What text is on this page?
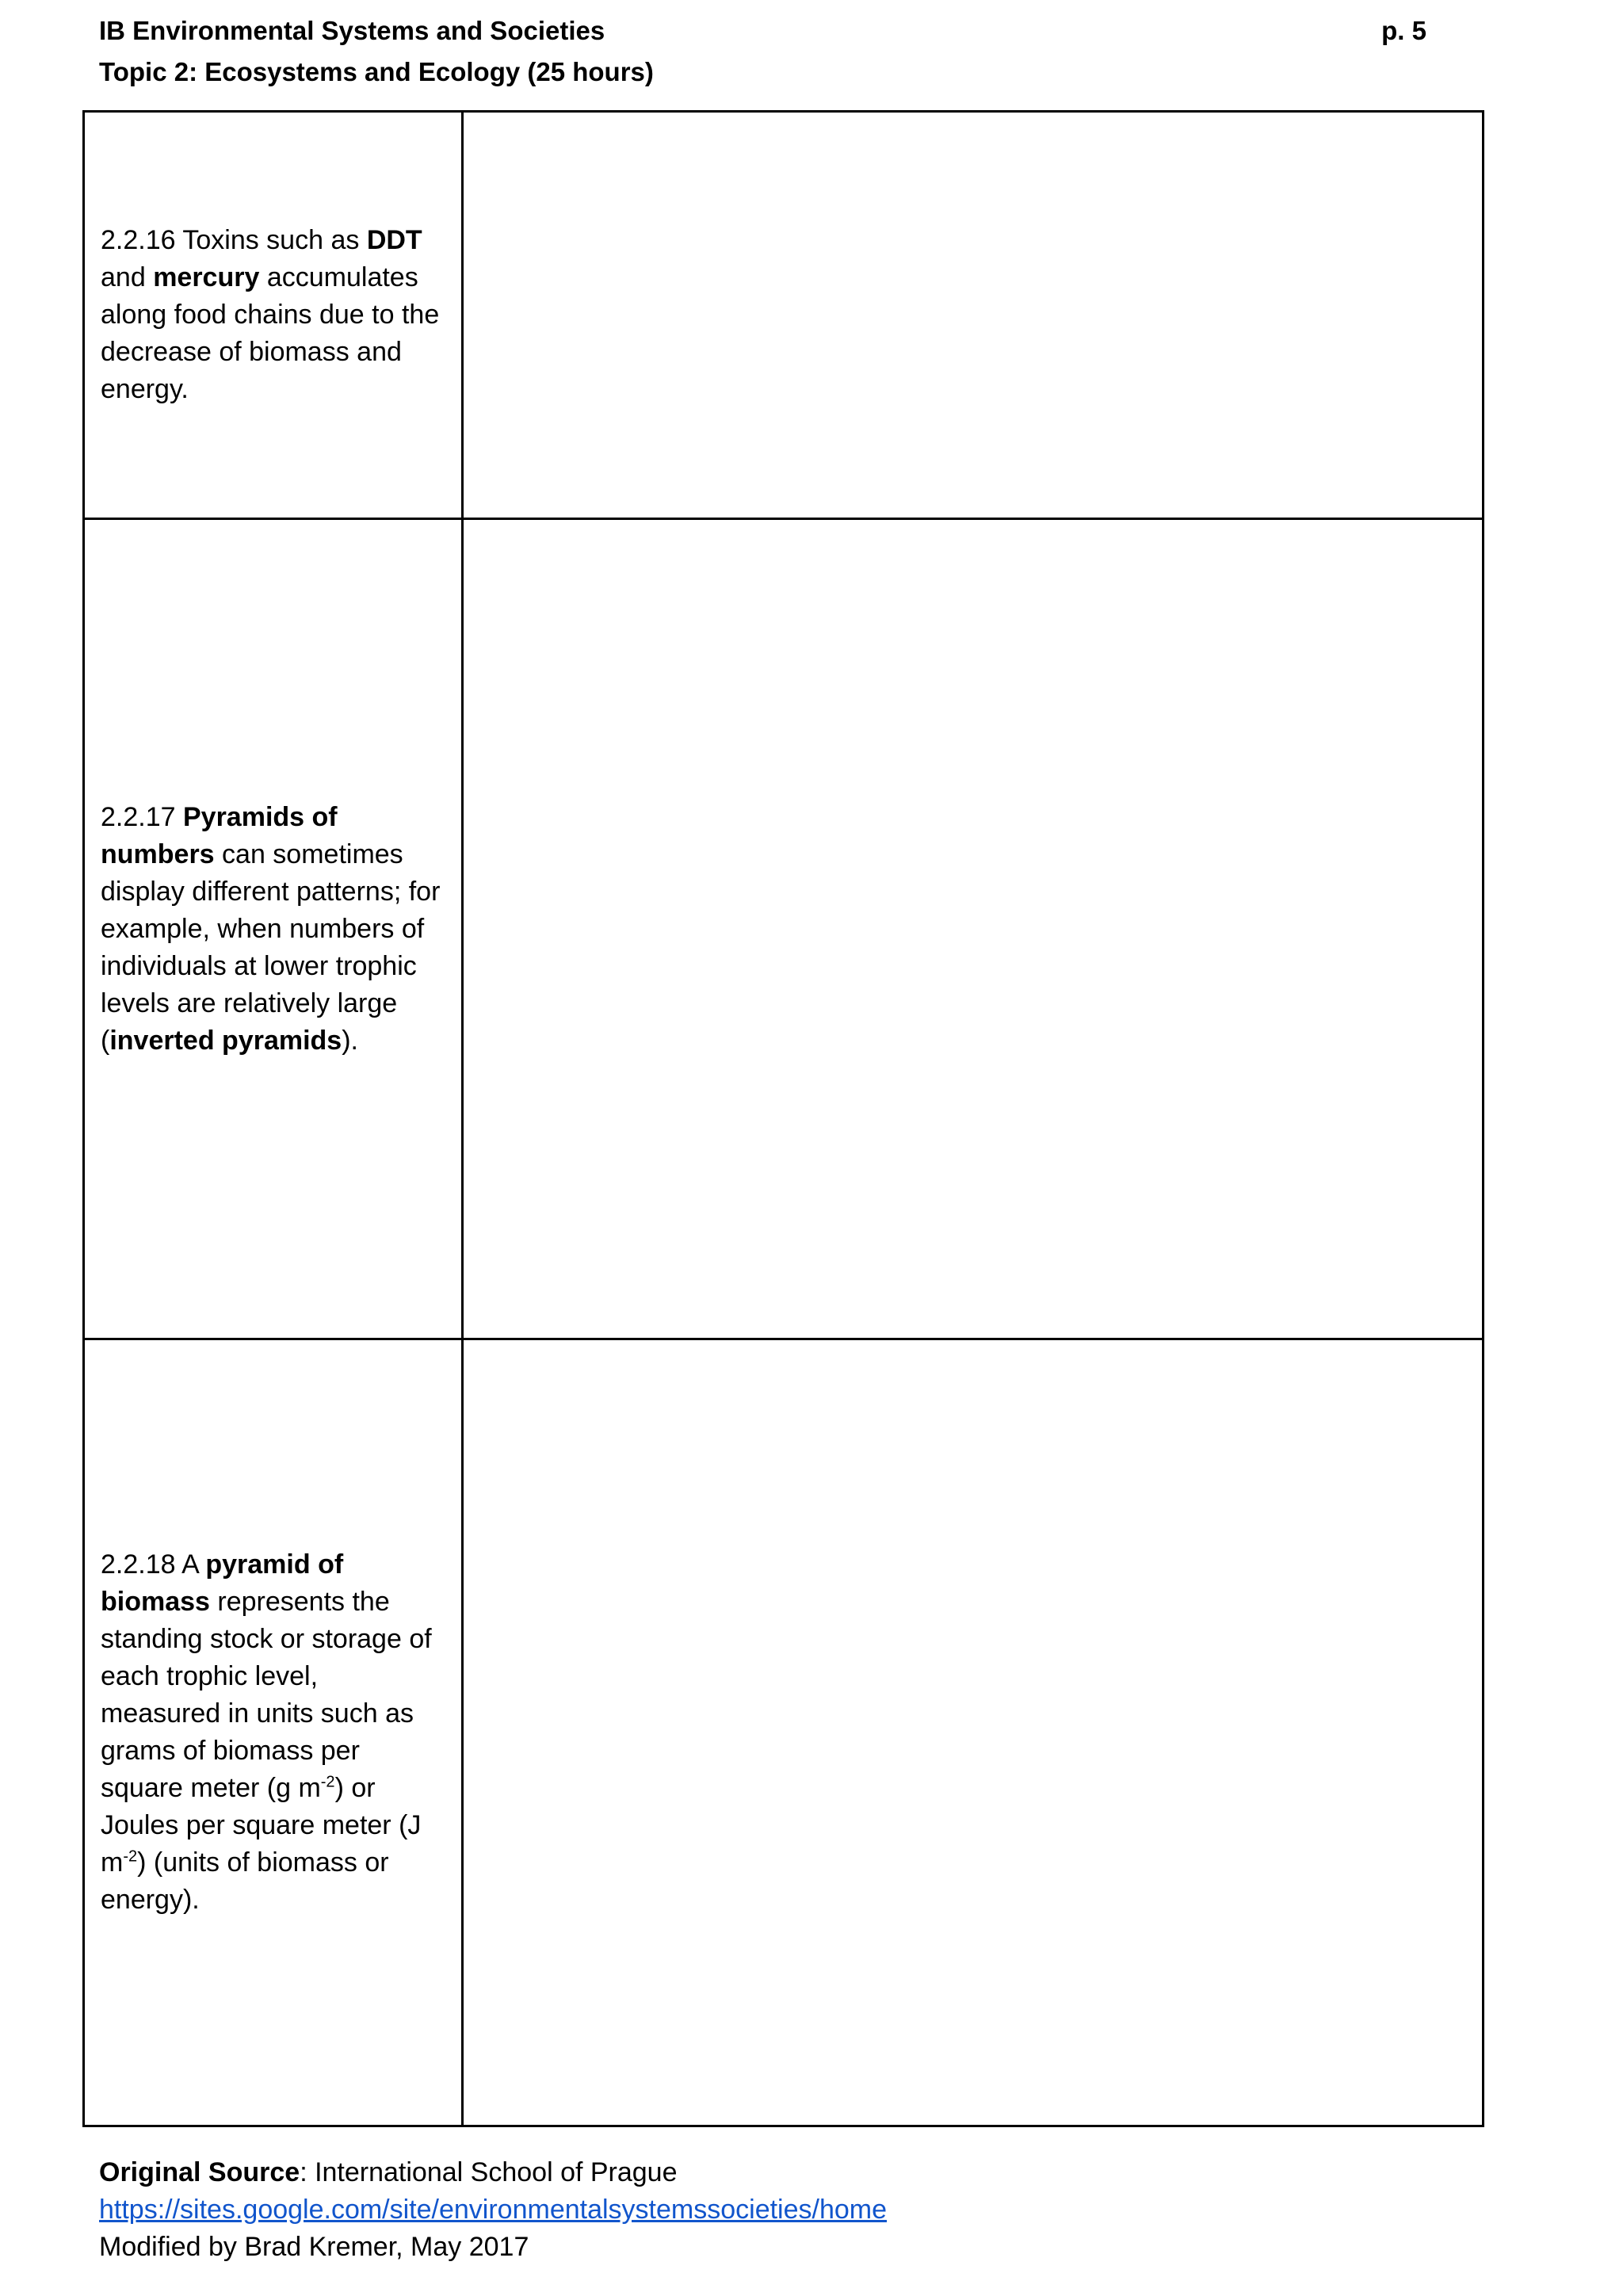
IB Environmental Systems and Societies
Topic 2: Ecosystems and Ecology (25 hours)
p. 5
2.2.16 Toxins such as DDT and mercury accumulates along food chains due to the decrease of biomass and energy.	
2.2.17 Pyramids of numbers can sometimes display different patterns; for example, when numbers of individuals at lower trophic levels are relatively large (inverted pyramids).	
2.2.18 A pyramid of biomass represents the standing stock or storage of each trophic level, measured in units such as grams of biomass per square meter (g $m^{-2}$) or Joules per square meter (J $m^{-2}$) (units of biomass or energy).	
Original Source: International School of Prague
https://sites.google.com/site/environmentalsystemssocieties/home
Modified by Brad Kremer, May 2017
